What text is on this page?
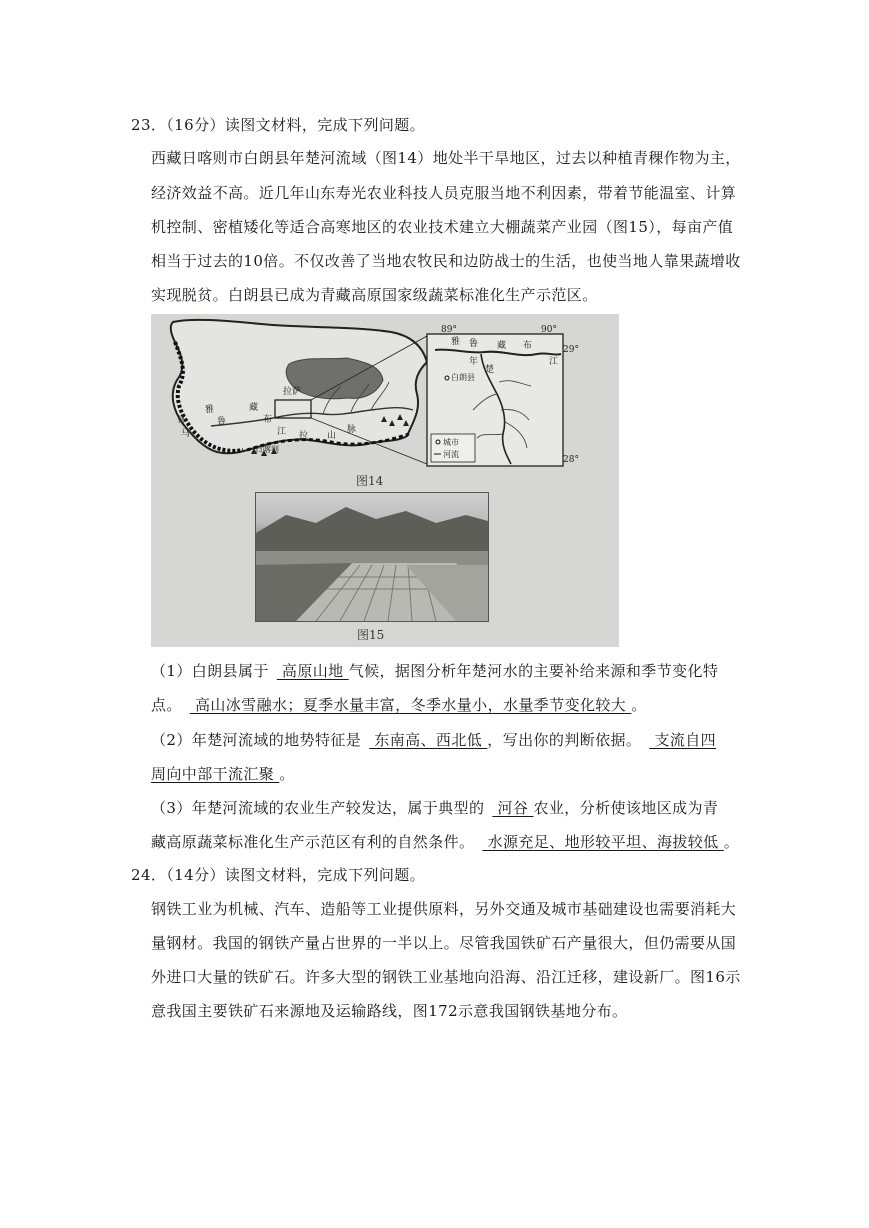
23．（16分）读图文材料，完成下列问题。
西藏日喀则市白朗县年楚河流域（图14）地处半干旱地区，过去以种植青稞作物为主，
经济效益不高。近几年山东寿光农业科技人员克服当地不利因素，带着节能温室、计算
机控制、密植矮化等适合高寒地区的农业技术建立大棚蔬菜产业园（图15），每亩产值
相当于过去的10倍。不仅改善了当地农牧民和边防战士的生活，也使当地人靠果蔬增收
实现脱贫。白朗县已成为青藏高原国家级蔬菜标准化生产示范区。
雅
鲁
藏
布
江
拉萨
喜
马	拉 山
脉
日喀则
89°	90°
29°
28°
雅 鲁 藏 布
江
年
楚
白朗县
城市
河流
图14
图15
（1）白朗县属于 高原山地 气候，据图分析年楚河水的主要补给来源和季节变化特
点。 高山冰雪融水；夏季水量丰富，冬季水量小，水量季节变化较大 。
（2）年楚河流域的地势特征是 东南高、西北低 ，写出你的判断依据。 支流自四
周向中部干流汇聚 。
（3）年楚河流域的农业生产较发达，属于典型的 河谷 农业，分析使该地区成为青
藏高原蔬菜标准化生产示范区有利的自然条件。 水源充足、地形较平坦、海拔较低 。
24．（14分）读图文材料，完成下列问题。
钢铁工业为机械、汽车、造船等工业提供原料，另外交通及城市基础建设也需要消耗大
量钢材。我国的钢铁产量占世界的一半以上。尽管我国铁矿石产量很大，但仍需要从国
外进口大量的铁矿石。许多大型的钢铁工业基地向沿海、沿江迁移，建设新厂。图16示
意我国主要铁矿石来源地及运输路线，图172示意我国钢铁基地分布。
